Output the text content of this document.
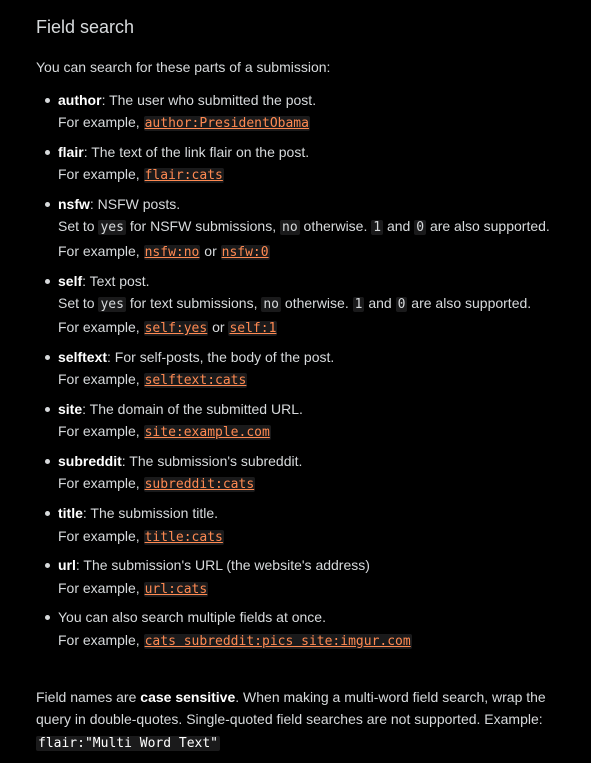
Field search

You can search for these parts of a submission:

author: The user who submitted the post.
For example, author:PresidentObama
flair: The text of the link flair on the post.
For example, flair:cats
nsfw: NSFW posts.
Set to yes for NSFW submissions, no otherwise. 1 and 0 are also supported.
For example, nsfw:no or nsfw:0
self: Text post.
Set to yes for text submissions, no otherwise. 1 and 0 are also supported.
For example, self:yes or self:1
selftext: For self-posts, the body of the post.
For example, selftext:cats
site: The domain of the submitted URL.
For example, site:example.com
subreddit: The submission's subreddit.
For example, subreddit:cats
title: The submission title.
For example, title:cats
url: The submission's URL (the website's address)
For example, url:cats
You can also search multiple fields at once.
For example, cats subreddit:pics site:imgur.com

Field names are case sensitive. When making a multi-word field search, wrap the query in double-quotes. Single-quoted field searches are not supported. Example: flair:"Multi Word Text"
